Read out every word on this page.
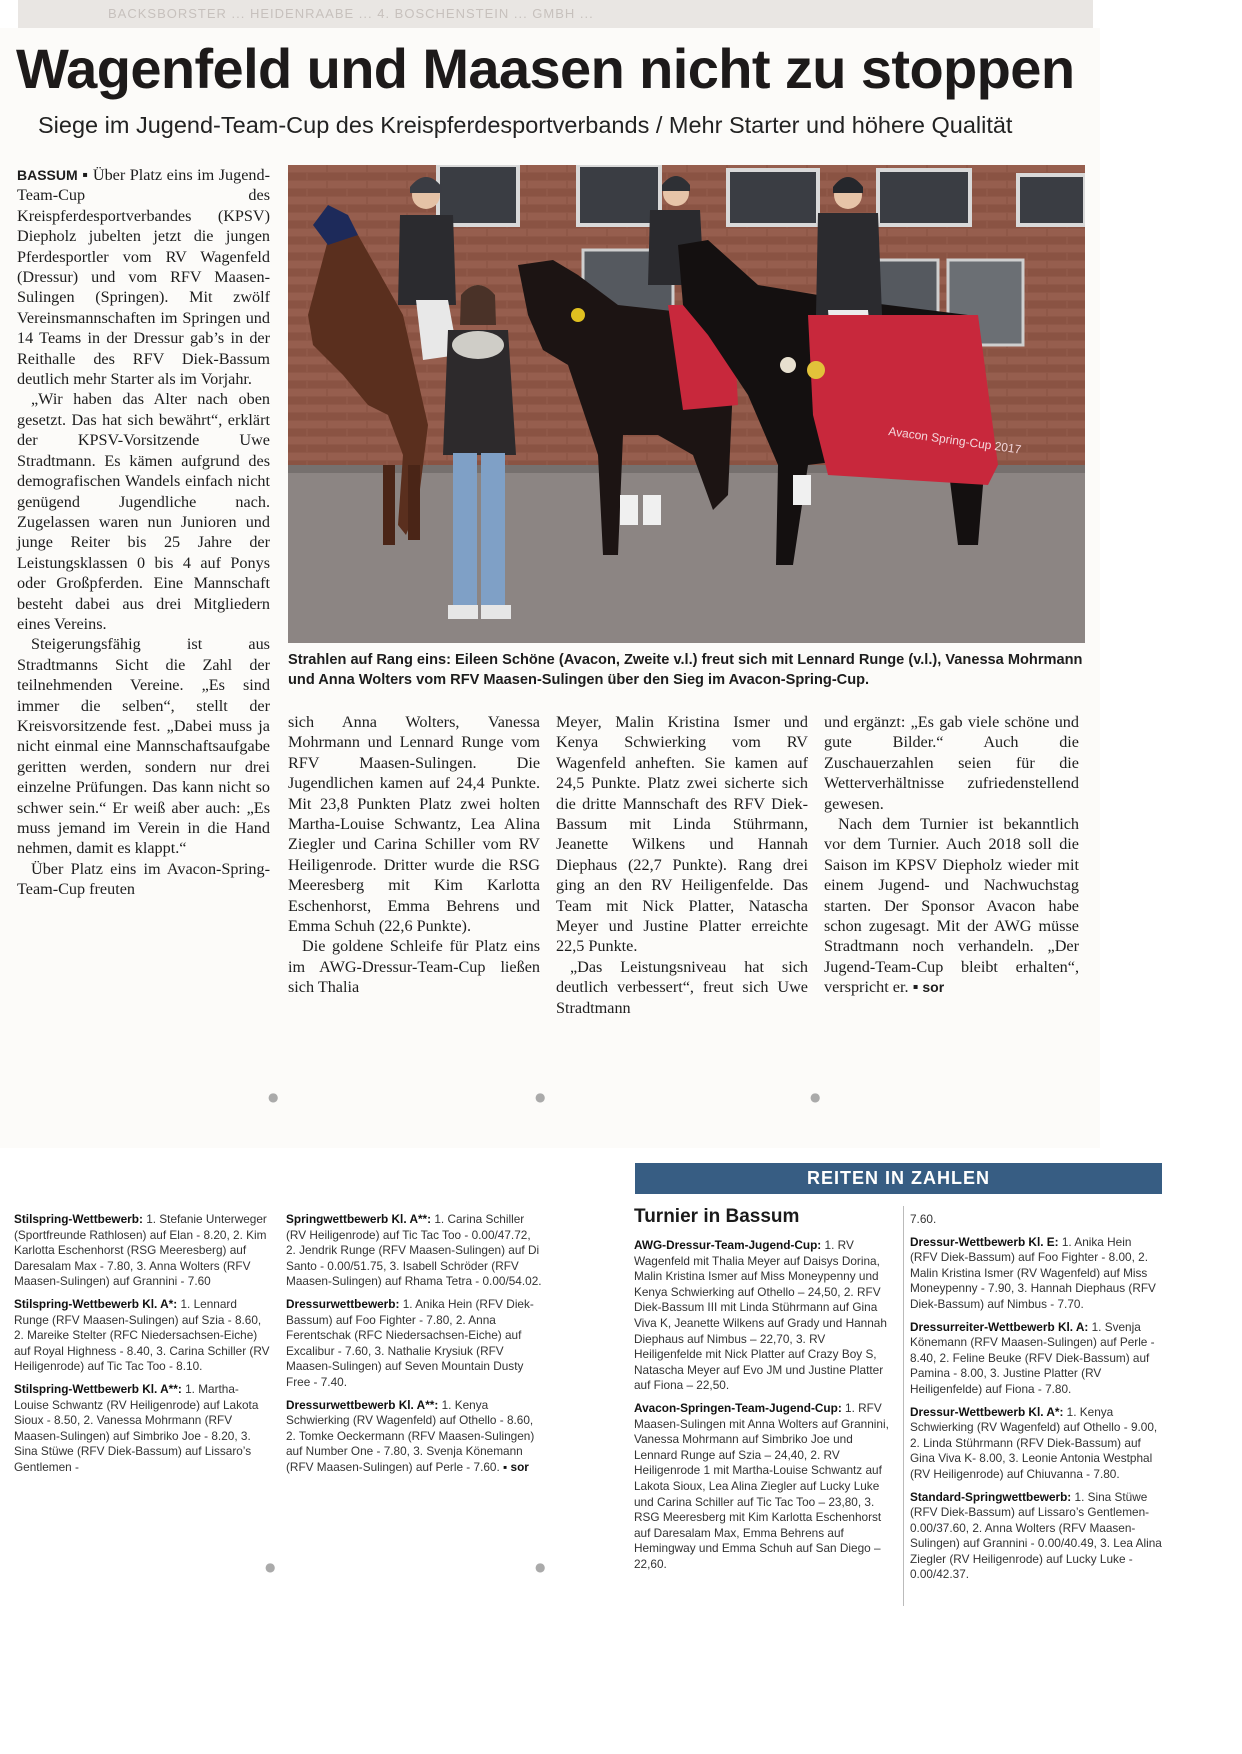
BACKSBORSTER ... HEIDENRAABE ... 4. BOSCHENSTEIN ... GMBH ...
Wagenfeld und Maasen nicht zu stoppen
Siege im Jugend-Team-Cup des Kreispferdesportverbands / Mehr Starter und höhere Qualität

BASSUM ▪ Über Platz eins im Jugend-Team-Cup des Kreispferdesportverbandes (KPSV) Diepholz jubelten jetzt die jungen Pferdesportler vom RV Wagenfeld (Dressur) und vom RFV Maasen-Sulingen (Springen). Mit zwölf Vereinsmannschaften im Springen und 14 Teams in der Dressur gab’s in der Reithalle des RFV Diek-Bassum deutlich mehr Starter als im Vorjahr.

„Wir haben das Alter nach oben gesetzt. Das hat sich bewährt“, erklärt der KPSV-Vorsitzende Uwe Stradtmann. Es kämen aufgrund des demografischen Wandels einfach nicht genügend Jugendliche nach. Zugelassen waren nun Junioren und junge Reiter bis 25 Jahre der Leistungsklassen 0 bis 4 auf Ponys oder Großpferden. Eine Mannschaft besteht dabei aus drei Mitgliedern eines Vereins.

Steigerungsfähig ist aus Stradtmanns Sicht die Zahl der teilnehmenden Vereine. „Es sind immer die selben“, stellt der Kreisvorsitzende fest. „Dabei muss ja nicht einmal eine Mannschaftsaufgabe geritten werden, sondern nur drei einzelne Prüfungen. Das kann nicht so schwer sein.“ Er weiß aber auch: „Es muss jemand im Verein in die Hand nehmen, damit es klappt.“

Über Platz eins im Avacon-Spring-Team-Cup freuten

Avacon Spring-Cup 2017
Strahlen auf Rang eins: Eileen Schöne (Avacon, Zweite v.l.) freut sich mit Lennard Runge (v.l.), Vanessa Mohrmann und Anna Wolters vom RFV Maasen-Sulingen über den Sieg im Avacon-Spring-Cup.

sich Anna Wolters, Vanessa Mohrmann und Lennard Runge vom RFV Maasen-Sulingen. Die Jugendlichen kamen auf 24,4 Punkte. Mit 23,8 Punkten Platz zwei holten Martha-Louise Schwantz, Lea Alina Ziegler und Carina Schiller vom RV Heiligenrode. Dritter wurde die RSG Meeresberg mit Kim Karlotta Eschenhorst, Emma Behrens und Emma Schuh (22,6 Punkte).

Die goldene Schleife für Platz eins im AWG-Dressur-Team-Cup ließen sich Thalia

Meyer, Malin Kristina Ismer und Kenya Schwierking vom RV Wagenfeld anheften. Sie kamen auf 24,5 Punkte. Platz zwei sicherte sich die dritte Mannschaft des RFV Diek-Bassum mit Linda Stührmann, Jeanette Wilkens und Hannah Diephaus (22,7 Punkte). Rang drei ging an den RV Heiligenfelde. Das Team mit Nick Platter, Natascha Meyer und Justine Platter erreichte 22,5 Punkte.

„Das Leistungsniveau hat sich deutlich verbessert“, freut sich Uwe Stradtmann

und ergänzt: „Es gab viele schöne und gute Bilder.“ Auch die Zuschauerzahlen seien für die Wetterverhältnisse zufriedenstellend gewesen.

Nach dem Turnier ist bekanntlich vor dem Turnier. Auch 2018 soll die Saison im KPSV Diepholz wieder mit einem Jugend- und Nachwuchstag starten. Der Sponsor Avacon habe schon zugesagt. Mit der AWG müsse Stradtmann noch verhandeln. „Der Jugend-Team-Cup bleibt erhalten“, verspricht er. ▪ sor

●	●	●
Stilspring-Wettbewerb: 1. Stefanie Unterweger (Sportfreunde Rathlosen) auf Elan - 8.20, 2. Kim Karlotta Eschenhorst (RSG Meeresberg) auf Daresalam Max - 7.80, 3. Anna Wolters (RFV Maasen-Sulingen) auf Grannini - 7.60
Stilspring-Wettbewerb Kl. A*: 1. Lennard Runge (RFV Maasen-Sulingen) auf Szia - 8.60, 2. Mareike Stelter (RFC Niedersachsen-Eiche) auf Royal Highness - 8.40, 3. Carina Schiller (RV Heiligenrode) auf Tic Tac Too - 8.10.
Stilspring-Wettbewerb Kl. A**: 1. Martha-Louise Schwantz (RV Heiligenrode) auf Lakota Sioux - 8.50, 2. Vanessa Mohrmann (RFV Maasen-Sulingen) auf Simbriko Joe - 8.20, 3. Sina Stüwe (RFV Diek-Bassum) auf Lissaro’s Gentlemen -
Springwettbewerb Kl. A**: 1. Carina Schiller (RV Heiligenrode) auf Tic Tac Too - 0.00/47.72, 2. Jendrik Runge (RFV Maasen-Sulingen) auf Di Santo - 0.00/51.75, 3. Isabell Schröder (RFV Maasen-Sulingen) auf Rhama Tetra - 0.00/54.02.
Dressurwettbewerb: 1. Anika Hein (RFV Diek-Bassum) auf Foo Fighter - 7.80, 2. Anna Ferentschak (RFC Niedersachsen-Eiche) auf Excalibur - 7.60, 3. Nathalie Krysiuk (RFV Maasen-Sulingen) auf Seven Mountain Dusty Free - 7.40.
Dressurwettbewerb Kl. A**: 1. Kenya Schwierking (RV Wagenfeld) auf Othello - 8.60, 2. Tomke Oeckermann (RFV Maasen-Sulingen) auf Number One - 7.80, 3. Svenja Könemann (RFV Maasen-Sulingen) auf Perle - 7.60. ▪ sor
REITEN IN ZAHLEN
Turnier in Bassum
AWG-Dressur-Team-Jugend-Cup: 1. RV Wagenfeld mit Thalia Meyer auf Daisys Dorina, Malin Kristina Ismer auf Miss Moneypenny und Kenya Schwierking auf Othello – 24,50, 2. RFV Diek-Bassum III mit Linda Stührmann auf Gina Viva K, Jeanette Wilkens auf Grady und Hannah Diephaus auf Nimbus – 22,70, 3. RV Heiligenfelde mit Nick Platter auf Crazy Boy S, Natascha Meyer auf Evo JM und Justine Platter auf Fiona – 22,50.
Avacon-Springen-Team-Jugend-Cup: 1. RFV Maasen-Sulingen mit Anna Wolters auf Grannini, Vanessa Mohrmann auf Simbriko Joe und Lennard Runge auf Szia – 24,40, 2. RV Heiligenrode 1 mit Martha-Louise Schwantz auf Lakota Sioux, Lea Alina Ziegler auf Lucky Luke und Carina Schiller auf Tic Tac Too – 23,80, 3. RSG Meeresberg mit Kim Karlotta Eschenhorst auf Daresalam Max, Emma Behrens auf Hemingway und Emma Schuh auf San Diego – 22,60.
7.60.
Dressur-Wettbewerb Kl. E: 1. Anika Hein (RFV Diek-Bassum) auf Foo Fighter - 8.00, 2. Malin Kristina Ismer (RV Wagenfeld) auf Miss Moneypenny - 7.90, 3. Hannah Diephaus (RFV Diek-Bassum) auf Nimbus - 7.70.
Dressurreiter-Wettbewerb Kl. A: 1. Svenja Könemann (RFV Maasen-Sulingen) auf Perle - 8.40, 2. Feline Beuke (RFV Diek-Bassum) auf Pamina - 8.00, 3. Justine Platter (RV Heiligenfelde) auf Fiona - 7.80.
Dressur-Wettbewerb Kl. A*: 1. Kenya Schwierking (RV Wagenfeld) auf Othello - 9.00, 2. Linda Stührmann (RFV Diek-Bassum) auf Gina Viva K- 8.00, 3. Leonie Antonia Westphal (RV Heiligenrode) auf Chiuvanna - 7.80.
Standard-Springwettbewerb: 1. Sina Stüwe (RFV Diek-Bassum) auf Lissaro’s Gentlemen- 0.00/37.60, 2. Anna Wolters (RFV Maasen-Sulingen) auf Grannini - 0.00/40.49, 3. Lea Alina Ziegler (RV Heiligenrode) auf Lucky Luke - 0.00/42.37.
●	●
